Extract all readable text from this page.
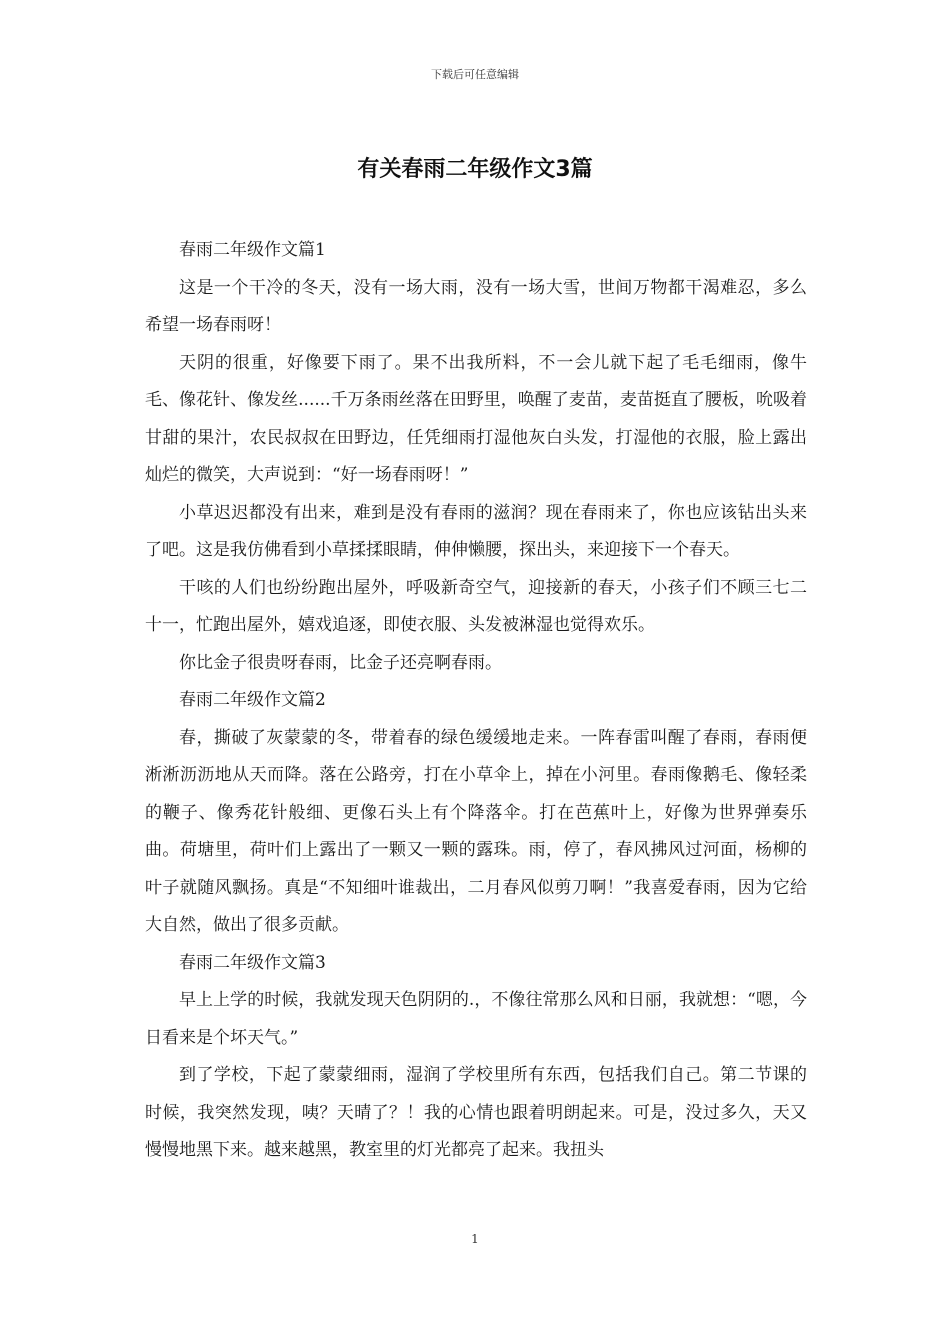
下载后可任意编辑
有关春雨二年级作文3篇

春雨二年级作文篇1

这是一个干冷的冬天，没有一场大雨，没有一场大雪，世间万物都干渴难忍，多么希望一场春雨呀！

天阴的很重，好像要下雨了。果不出我所料，不一会儿就下起了毛毛细雨，像牛毛、像花针、像发丝......千万条雨丝落在田野里，唤醒了麦苗，麦苗挺直了腰板，吮吸着甘甜的果汁，农民叔叔在田野边，任凭细雨打湿他灰白头发，打湿他的衣服，脸上露出灿烂的微笑，大声说到：“好一场春雨呀！”

小草迟迟都没有出来，难到是没有春雨的滋润？现在春雨来了，你也应该钻出头来了吧。这是我仿佛看到小草揉揉眼睛，伸伸懒腰，探出头，来迎接下一个春天。

干咳的人们也纷纷跑出屋外，呼吸新奇空气，迎接新的春天，小孩子们不顾三七二十一，忙跑出屋外，嬉戏追逐，即使衣服、头发被淋湿也觉得欢乐。

你比金子很贵呀春雨，比金子还亮啊春雨。

春雨二年级作文篇2

春，撕破了灰蒙蒙的冬，带着春的绿色缓缓地走来。一阵春雷叫醒了春雨，春雨便淅淅沥沥地从天而降。落在公路旁，打在小草伞上，掉在小河里。春雨像鹅毛、像轻柔的鞭子、像秀花针般细、更像石头上有个降落伞。打在芭蕉叶上，好像为世界弹奏乐曲。荷塘里，荷叶们上露出了一颗又一颗的露珠。雨，停了，春风拂风过河面，杨柳的叶子就随风飘扬。真是“不知细叶谁裁出，二月春风似剪刀啊！”我喜爱春雨，因为它给大自然，做出了很多贡献。

春雨二年级作文篇3

早上上学的时候，我就发现天色阴阴的.，不像往常那么风和日丽，我就想：“嗯，今日看来是个坏天气。”

到了学校，下起了蒙蒙细雨，湿润了学校里所有东西，包括我们自己。第二节课的时候，我突然发现，咦？天晴了？！我的心情也跟着明朗起来。可是，没过多久，天又慢慢地黑下来。越来越黑，教室里的灯光都亮了起来。我扭头

1
